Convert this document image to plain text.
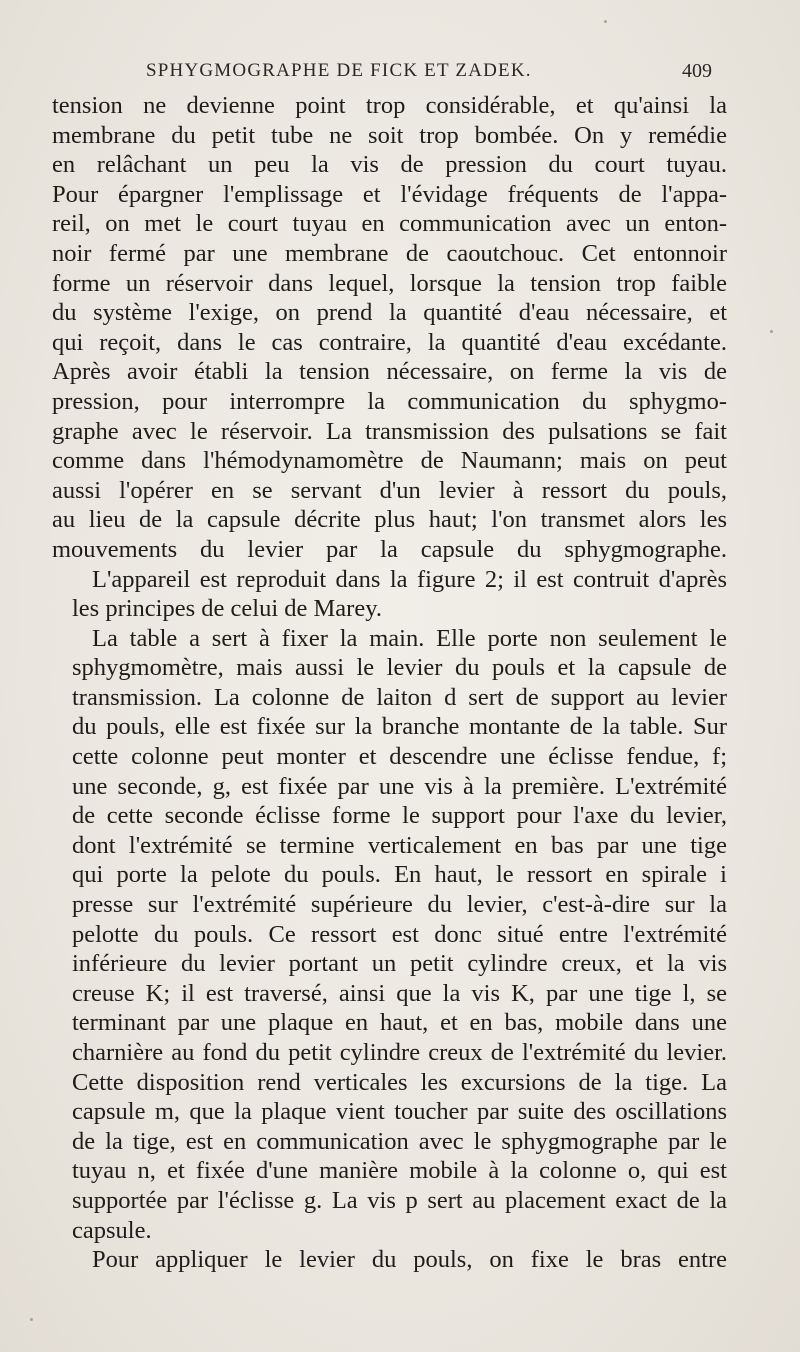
SPHYGMOGRAPHE DE FICK ET ZADEK.	409
tension ne devienne point trop considérable, et qu'ainsi la
membrane du petit tube ne soit trop bombée. On y remédie
en relâchant un peu la vis de pression du court tuyau.
Pour épargner l'emplissage et l'évidage fréquents de l'appa-
reil, on met le court tuyau en communication avec un enton-
noir fermé par une membrane de caoutchouc. Cet entonnoir
forme un réservoir dans lequel, lorsque la tension trop faible
du système l'exige, on prend la quantité d'eau nécessaire, et
qui reçoit, dans le cas contraire, la quantité d'eau excédante.
Après avoir établi la tension nécessaire, on ferme la vis de
pression, pour interrompre la communication du sphygmo-
graphe avec le réservoir. La transmission des pulsations se fait
comme dans l'hémodynamomètre de Naumann; mais on peut
aussi l'opérer en se servant d'un levier à ressort du pouls,
au lieu de la capsule décrite plus haut; l'on transmet alors les
mouvements du levier par la capsule du sphygmographe.
L'appareil est reproduit dans la figure 2; il est contruit d'après
les principes de celui de Marey.
La table a sert à fixer la main. Elle porte non seulement le
sphygmomètre, mais aussi le levier du pouls et la capsule de
transmission. La colonne de laiton d sert de support au levier
du pouls, elle est fixée sur la branche montante de la table. Sur
cette colonne peut monter et descendre une éclisse fendue, f;
une seconde, g, est fixée par une vis à la première. L'extrémité
de cette seconde éclisse forme le support pour l'axe du levier,
dont l'extrémité se termine verticalement en bas par une tige
qui porte la pelote du pouls. En haut, le ressort en spirale i
presse sur l'extrémité supérieure du levier, c'est-à-dire sur la
pelotte du pouls. Ce ressort est donc situé entre l'extrémité
inférieure du levier portant un petit cylindre creux, et la vis
creuse K; il est traversé, ainsi que la vis K, par une tige l, se
terminant par une plaque en haut, et en bas, mobile dans une
charnière au fond du petit cylindre creux de l'extrémité du levier.
Cette disposition rend verticales les excursions de la tige. La
capsule m, que la plaque vient toucher par suite des oscillations
de la tige, est en communication avec le sphygmographe par le
tuyau n, et fixée d'une manière mobile à la colonne o, qui est
supportée par l'éclisse g. La vis p sert au placement exact de la
capsule.
Pour appliquer le levier du pouls, on fixe le bras entre
